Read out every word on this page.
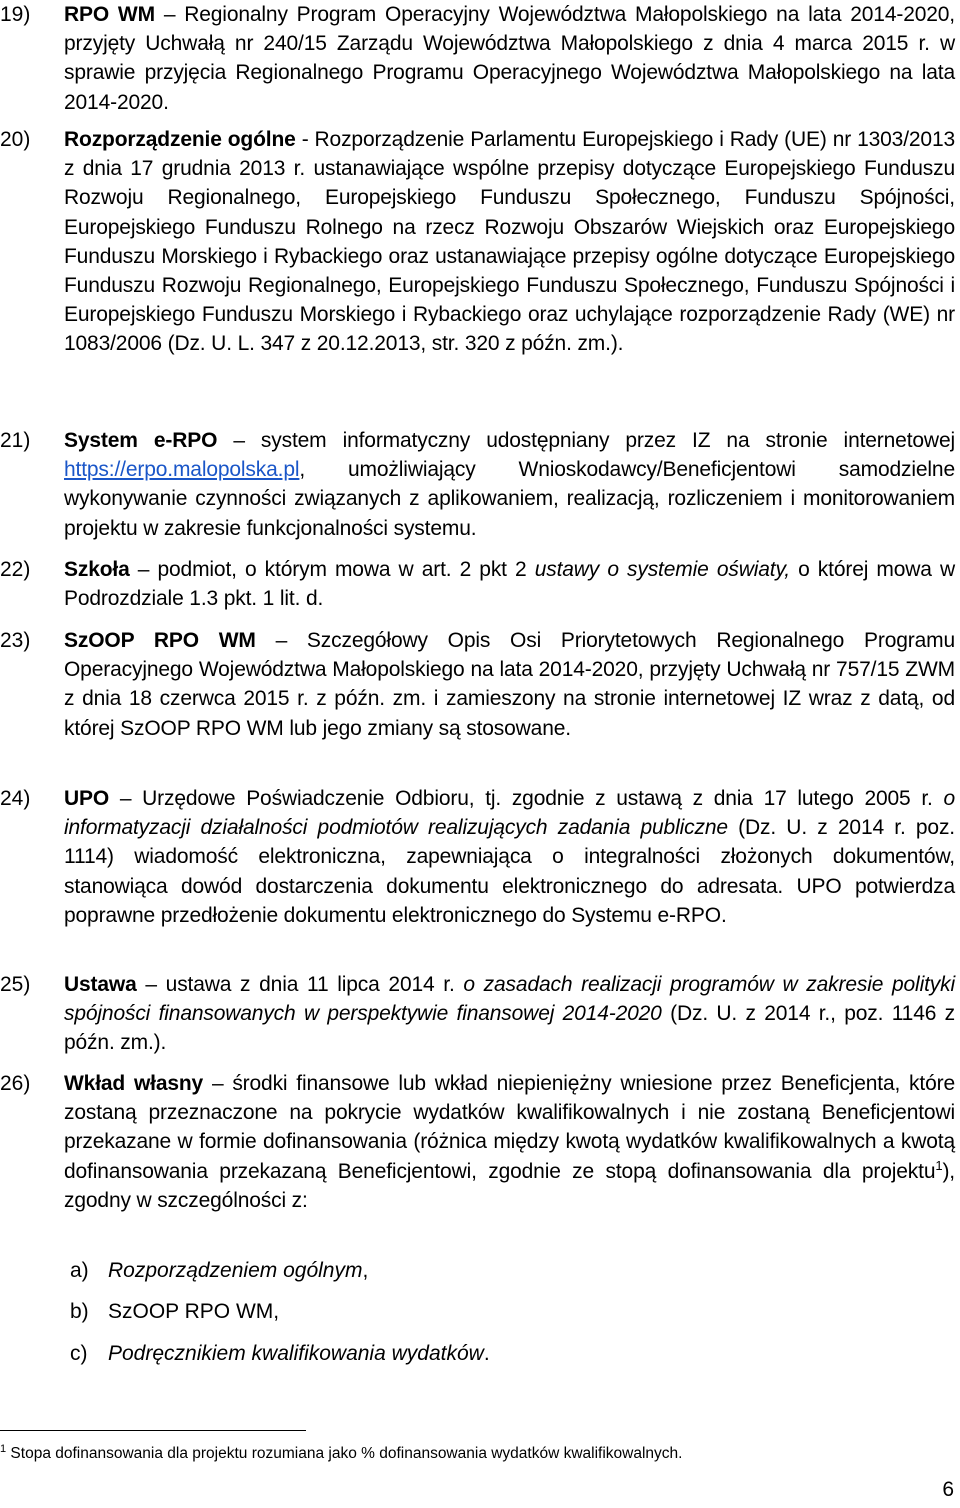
19) RPO WM – Regionalny Program Operacyjny Województwa Małopolskiego na lata 2014-2020, przyjęty Uchwałą nr 240/15 Zarządu Województwa Małopolskiego z dnia 4 marca 2015 r. w sprawie przyjęcia Regionalnego Programu Operacyjnego Województwa Małopolskiego na lata 2014-2020.
20) Rozporządzenie ogólne - Rozporządzenie Parlamentu Europejskiego i Rady (UE) nr 1303/2013 z dnia 17 grudnia 2013 r. ustanawiające wspólne przepisy dotyczące Europejskiego Funduszu Rozwoju Regionalnego, Europejskiego Funduszu Społecznego, Funduszu Spójności, Europejskiego Funduszu Rolnego na rzecz Rozwoju Obszarów Wiejskich oraz Europejskiego Funduszu Morskiego i Rybackiego oraz ustanawiające przepisy ogólne dotyczące Europejskiego Funduszu Rozwoju Regionalnego, Europejskiego Funduszu Społecznego, Funduszu Spójności i Europejskiego Funduszu Morskiego i Rybackiego oraz uchylające rozporządzenie Rady (WE) nr 1083/2006 (Dz. U. L. 347 z 20.12.2013, str. 320 z późn. zm.).
21) System e-RPO – system informatyczny udostępniany przez IZ na stronie internetowej https://erpo.malopolska.pl, umożliwiający Wnioskodawcy/Beneficjentowi samodzielne wykonywanie czynności związanych z aplikowaniem, realizacją, rozliczeniem i monitorowaniem projektu w zakresie funkcjonalności systemu.
22) Szkoła – podmiot, o którym mowa w art. 2 pkt 2 ustawy o systemie oświaty, o której mowa w Podrozdziale 1.3 pkt. 1 lit. d.
23) SzOOP RPO WM – Szczegółowy Opis Osi Priorytetowych Regionalnego Programu Operacyjnego Województwa Małopolskiego na lata 2014-2020, przyjęty Uchwałą nr 757/15 ZWM z dnia 18 czerwca 2015 r. z późn. zm. i zamieszony na stronie internetowej IZ wraz z datą, od której SzOOP RPO WM lub jego zmiany są stosowane.
24) UPO – Urzędowe Poświadczenie Odbioru, tj. zgodnie z ustawą z dnia 17 lutego 2005 r. o informatyzacji działalności podmiotów realizujących zadania publiczne (Dz. U. z 2014 r. poz. 1114) wiadomość elektroniczna, zapewniająca o integralności złożonych dokumentów, stanowiąca dowód dostarczenia dokumentu elektronicznego do adresata. UPO potwierdza poprawne przedłożenie dokumentu elektronicznego do Systemu e-RPO.
25) Ustawa – ustawa z dnia 11 lipca 2014 r. o zasadach realizacji programów w zakresie polityki spójności finansowanych w perspektywie finansowej 2014-2020 (Dz. U. z 2014 r., poz. 1146 z późn. zm.).
26) Wkład własny – środki finansowe lub wkład niepieniężny wniesione przez Beneficjenta, które zostaną przeznaczone na pokrycie wydatków kwalifikowalnych i nie zostaną Beneficjentowi przekazane w formie dofinansowania (różnica między kwotą wydatków kwalifikowalnych a kwotą dofinansowania przekazaną Beneficjentowi, zgodnie ze stopą dofinansowania dla projektu$^1$), zgodny w szczególności z:
a) Rozporządzeniem ogólnym,
b) SzOOP RPO WM,
c) Podręcznikiem kwalifikowania wydatków.
$^1$ Stopa dofinansowania dla projektu rozumiana jako % dofinansowania wydatków kwalifikowalnych.
6
